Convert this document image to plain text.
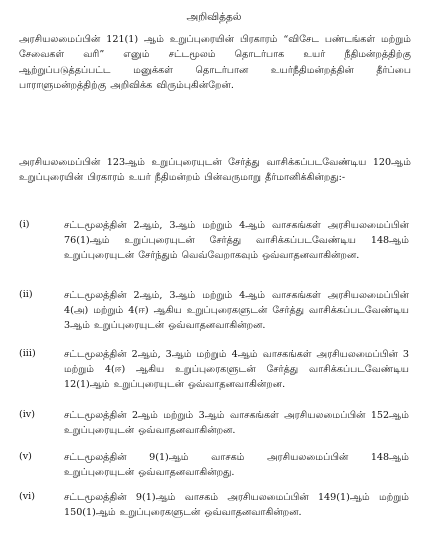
அறிவித்தல்
அரசியலமைப்பின் 121(1) ஆம் உறுப்புரையின் பிரகாரம் “விசேட பண்டங்கள் மற்றும் சேவைகள் வரி” எனும் சட்டமூலம் தொடர்பாக உயர் நீதிமன்றத்திற்கு ஆற்றுப்படுத்தப்பட்ட மனுக்கள் தொடர்பான உயர்நீதிமன்றத்தின் தீர்ப்பை பாராளுமன்றத்திற்கு அறிவிக்க விரும்புகின்றேன்.
அரசியலமைப்பின் 123ஆம் உறுப்புரையுடன் சேர்த்து வாசிக்கப்படவேண்டிய 120ஆம் உறுப்புரையின் பிரகாரம் உயர் நீதிமன்றம் பின்வருமாறு தீர்மானிக்கின்றது:-
(i)	சட்டமூலத்தின் 2ஆம், 3ஆம் மற்றும் 4ஆம் வாசகங்கள் அரசியலமைப்பின் 76(1)ஆம் உறுப்புரையுடன் சேர்த்து வாசிக்கப்படவேண்டிய 148ஆம் உறுப்புரையுடன் சேர்ந்தும் வெவ்வேறாகவும் ஒவ்வாதனவாகின்றன.
(ii)	சட்டமூலத்தின் 2ஆம், 3ஆம் மற்றும் 4ஆம் வாசகங்கள் அரசியலமைப்பின் 4(அ) மற்றும் 4(ஈ) ஆகிய உறுப்புரைகளுடன் சேர்த்து வாசிக்கப்படவேண்டிய 3ஆம் உறுப்புரையுடன் ஒவ்வாதனவாகின்றன.
(iii)	சட்டமூலத்தின் 2ஆம், 3ஆம் மற்றும் 4ஆம் வாசகங்கள் அரசியலமைப்பின் 3 மற்றும் 4(ஈ) ஆகிய உறுப்புரைகளுடன் சேர்த்து வாசிக்கப்படவேண்டிய 12(1)ஆம் உறுப்புரையுடன் ஒவ்வாதனவாகின்றன.
(iv)	சட்டமூலத்தின் 2ஆம் மற்றும் 3ஆம் வாசகங்கள் அரசியலமைப்பின் 152ஆம் உறுப்புரையுடன் ஒவ்வாதனவாகின்றன.
(v)	சட்டமூலத்தின் 9(1)ஆம் வாசகம் அரசியலமைப்பின் 148ஆம் உறுப்புரையுடன் ஒவ்வாதனவாகின்றது.
(vi)	சட்டமூலத்தின் 9(1)ஆம் வாசகம் அரசியலமைப்பின் 149(1)ஆம் மற்றும் 150(1)ஆம் உறுப்புரைகளுடன் ஒவ்வாதனவாகின்றன.
